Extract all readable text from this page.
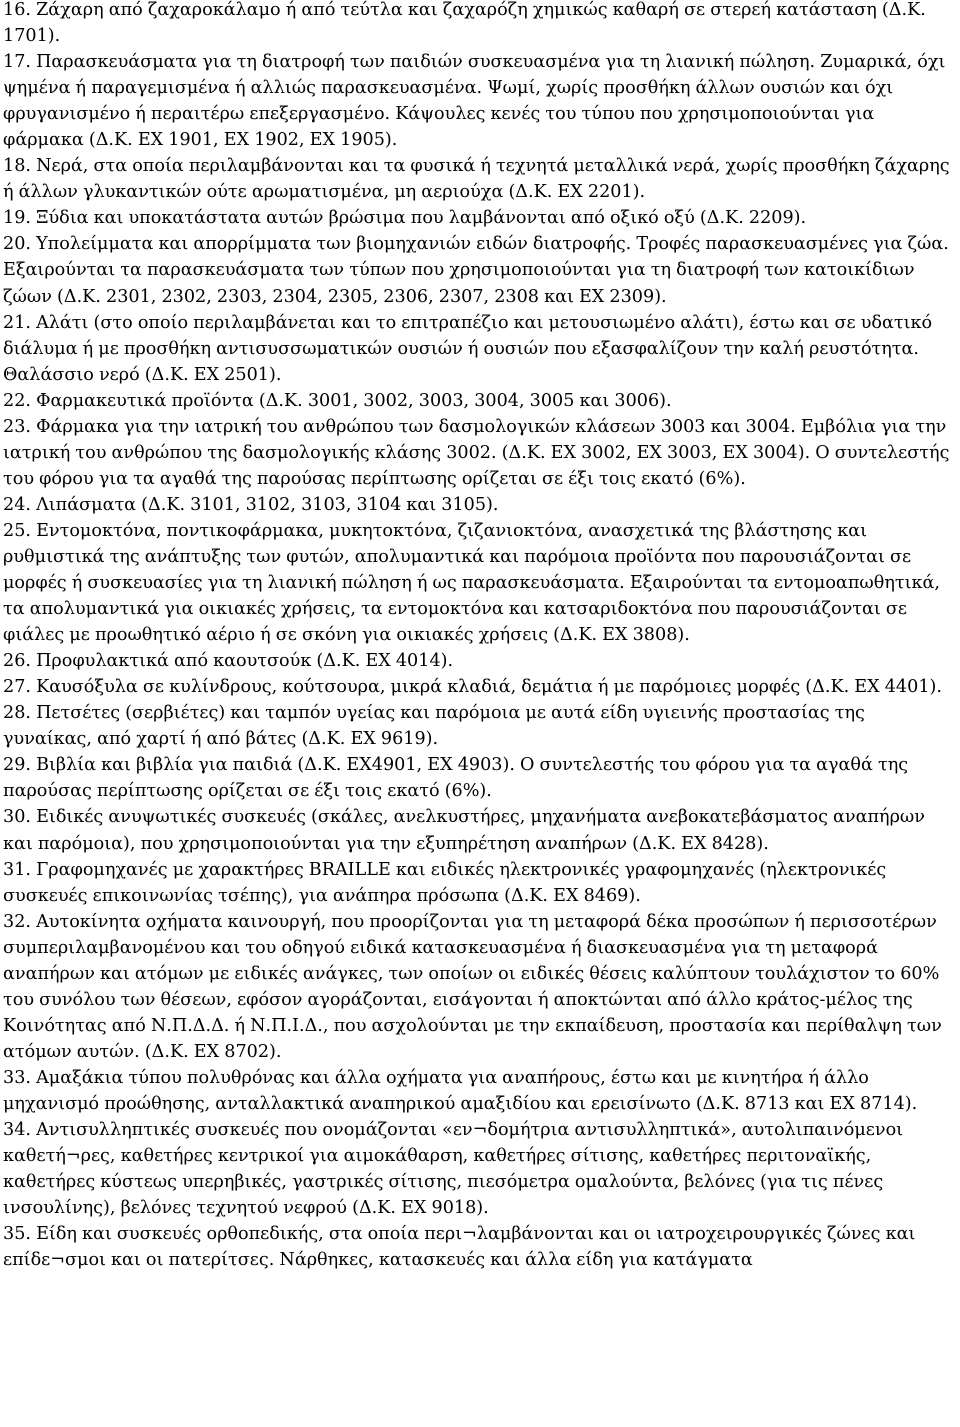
16. Ζάχαρη από ζαχαροκάλαμο ή από τεύτλα και ζαχαρόζη χημικώς καθαρή σε στερεή κατάσταση (Δ.Κ. 1701).

17. Παρασκευάσματα για τη διατροφή των παιδιών συσκευασμένα για τη λιανική πώληση. Ζυμαρικά, όχι ψημένα ή παραγεμισμένα ή αλλιώς παρασκευασμένα. Ψωμί, χωρίς προσθήκη άλλων ουσιών και όχι φρυγανισμένο ή περαιτέρω επεξεργασμένο. Κάψουλες κενές του τύπου που χρησιμοποιούνται για φάρμακα (Δ.Κ. ΕΧ 1901, ΕΧ 1902, ΕΧ 1905).

18. Νερά, στα οποία περιλαμβάνονται και τα φυσικά ή τεχνητά μεταλλικά νερά, χωρίς προσθήκη ζάχαρης ή άλλων γλυκαντικών ούτε αρωματισμένα, μη αεριούχα (Δ.Κ. ΕΧ 2201).

19. Ξύδια και υποκατάστατα αυτών βρώσιμα που λαμβάνονται από οξικό οξύ (Δ.Κ. 2209).

20. Υπολείμματα και απορρίμματα των βιομηχανιών ειδών διατροφής. Τροφές παρασκευασμένες για ζώα. Εξαιρούνται τα παρασκευάσματα των τύπων που χρησιμοποιούνται για τη διατροφή των κατοικίδιων ζώων (Δ.Κ. 2301, 2302, 2303, 2304, 2305, 2306, 2307, 2308 και ΕΧ 2309).

21. Αλάτι (στο οποίο περιλαμβάνεται και το επιτραπέζιο και μετουσιωμένο αλάτι), έστω και σε υδατικό διάλυμα ή με προσθήκη αντισυσσωματικών ουσιών ή ουσιών που εξασφαλίζουν την καλή ρευστότητα. Θαλάσσιο νερό (Δ.Κ. ΕΧ 2501).

22. Φαρμακευτικά προϊόντα (Δ.Κ. 3001, 3002, 3003, 3004, 3005 και 3006).

23. Φάρμακα για την ιατρική του ανθρώπου των δασμολογικών κλάσεων 3003 και 3004. Εμβόλια για την ιατρική του ανθρώπου της δασμολογικής κλάσης 3002. (Δ.Κ. ΕΧ 3002, ΕΧ 3003, ΕΧ 3004). Ο συντελεστής του φόρου για τα αγαθά της παρούσας περίπτωσης ορίζεται σε έξι τοις εκατό (6%).

24. Λιπάσματα (Δ.Κ. 3101, 3102, 3103, 3104 και 3105).

25. Εντομοκτόνα, ποντικοφάρμακα, μυκητοκτόνα, ζιζανιοκτόνα, ανασχετικά της βλάστησης και ρυθμιστικά της ανάπτυξης των φυτών, απολυμαντικά και παρόμοια προϊόντα που παρουσιάζονται σε μορφές ή συσκευασίες για τη λιανική πώληση ή ως παρασκευάσματα. Εξαιρούνται τα εντομοαπωθητικά, τα απολυμαντικά για οικιακές χρήσεις, τα εντομοκτόνα και κατσαριδοκτόνα που παρουσιάζονται σε φιάλες με προωθητικό αέριο ή σε σκόνη για οικιακές χρήσεις (Δ.Κ. ΕΧ 3808).

26. Προφυλακτικά από καουτσούκ (Δ.Κ. ΕΧ 4014).

27. Καυσόξυλα σε κυλίνδρους, κούτσουρα, μικρά κλαδιά, δεμάτια ή με παρόμοιες μορφές (Δ.Κ. ΕΧ 4401).

28. Πετσέτες (σερβιέτες) και ταμπόν υγείας και παρόμοια με αυτά είδη υγιεινής προστασίας της γυναίκας, από χαρτί ή από βάτες (Δ.Κ. ΕΧ 9619).

29. Βιβλία και βιβλία για παιδιά (Δ.Κ. ΕΧ4901, ΕΧ 4903). Ο συντελεστής του φόρου για τα αγαθά της παρούσας περίπτωσης ορίζεται σε έξι τοις εκατό (6%).

30. Ειδικές ανυψωτικές συσκευές (σκάλες, ανελκυστήρες, μηχανήματα ανεβοκατεβάσματος αναπήρων και παρόμοια), που χρησιμοποιούνται για την εξυπηρέτηση αναπήρων (Δ.Κ. ΕΧ 8428).

31. Γραφομηχανές με χαρακτήρες BRAILLE και ειδικές ηλεκτρονικές γραφομηχανές (ηλεκτρονικές συσκευές επικοινωνίας τσέπης), για ανάπηρα πρόσωπα (Δ.Κ. ΕΧ 8469).

32. Αυτοκίνητα οχήματα καινουργή, που προορίζονται για τη μεταφορά δέκα προσώπων ή περισσοτέρων συμπεριλαμβανομένου και του οδηγού ειδικά κατασκευασμένα ή διασκευασμένα για τη μεταφορά αναπήρων και ατόμων με ειδικές ανάγκες, των οποίων οι ειδικές θέσεις καλύπτουν τουλάχιστον το 60% του συνόλου των θέσεων, εφόσον αγοράζονται, εισάγονται ή αποκτώνται από άλλο κράτος-μέλος της Κοινότητας από Ν.Π.Δ.Δ. ή Ν.Π.Ι.Δ., που ασχολούνται με την εκπαίδευση, προστασία και περίθαλψη των ατόμων αυτών. (Δ.Κ. ΕΧ 8702).

33. Αμαξάκια τύπου πολυθρόνας και άλλα οχήματα για αναπήρους, έστω και με κινητήρα ή άλλο μηχανισμό προώθησης, ανταλλακτικά αναπηρικού αμαξιδίου και ερεισίνωτο (Δ.Κ. 8713 και ΕΧ 8714).

34. Αντισυλληπτικές συσκευές που ονομάζονται «εν¬δομήτρια αντισυλληπτικά», αυτολιπαινόμενοι καθετή¬ρες, καθετήρες κεντρικοί για αιμοκάθαρση, καθετήρες σίτισης, καθετήρες περιτοναϊκής, καθετήρες κύστεως υπερηβικές, γαστρικές σίτισης, πιεσόμετρα ομαλούντα, βελόνες (για τις πένες ινσουλίνης), βελόνες τεχνητού νεφρού (Δ.Κ. ΕΧ 9018).

35. Είδη και συσκευές ορθοπεδικής, στα οποία περι¬λαμβάνονται και οι ιατροχειρουργικές ζώνες και επίδε¬σμοι και οι πατερίτσες. Νάρθηκες, κατασκευές και άλλα είδη για κατάγματα
